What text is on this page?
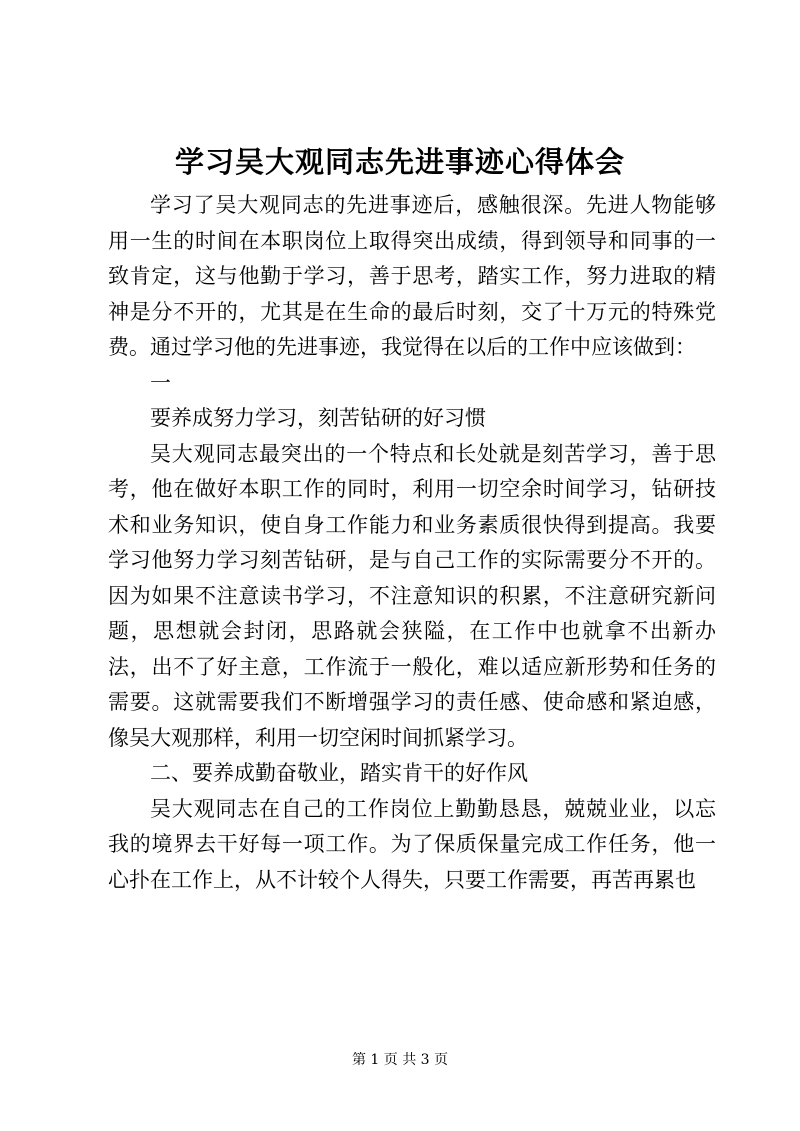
学习吴大观同志先进事迹心得体会

学习了吴大观同志的先进事迹后，感触很深。先进人物能够用一生的时间在本职岗位上取得突出成绩，得到领导和同事的一致肯定，这与他勤于学习，善于思考，踏实工作，努力进取的精神是分不开的，尤其是在生命的最后时刻，交了十万元的特殊党费。通过学习他的先进事迹，我觉得在以后的工作中应该做到：

一

要养成努力学习，刻苦钻研的好习惯

吴大观同志最突出的一个特点和长处就是刻苦学习，善于思考，他在做好本职工作的同时，利用一切空余时间学习，钻研技术和业务知识，使自身工作能力和业务素质很快得到提高。我要学习他努力学习刻苦钻研，是与自己工作的实际需要分不开的。因为如果不注意读书学习，不注意知识的积累，不注意研究新问题，思想就会封闭，思路就会狭隘，在工作中也就拿不出新办法，出不了好主意，工作流于一般化，难以适应新形势和任务的需要。这就需要我们不断增强学习的责任感、使命感和紧迫感，像吴大观那样，利用一切空闲时间抓紧学习。

二、要养成勤奋敬业，踏实肯干的好作风

吴大观同志在自己的工作岗位上勤勤恳恳，兢兢业业，以忘我的境界去干好每一项工作。为了保质保量完成工作任务，他一心扑在工作上，从不计较个人得失，只要工作需要，再苦再累也

第 1 页 共 3 页
